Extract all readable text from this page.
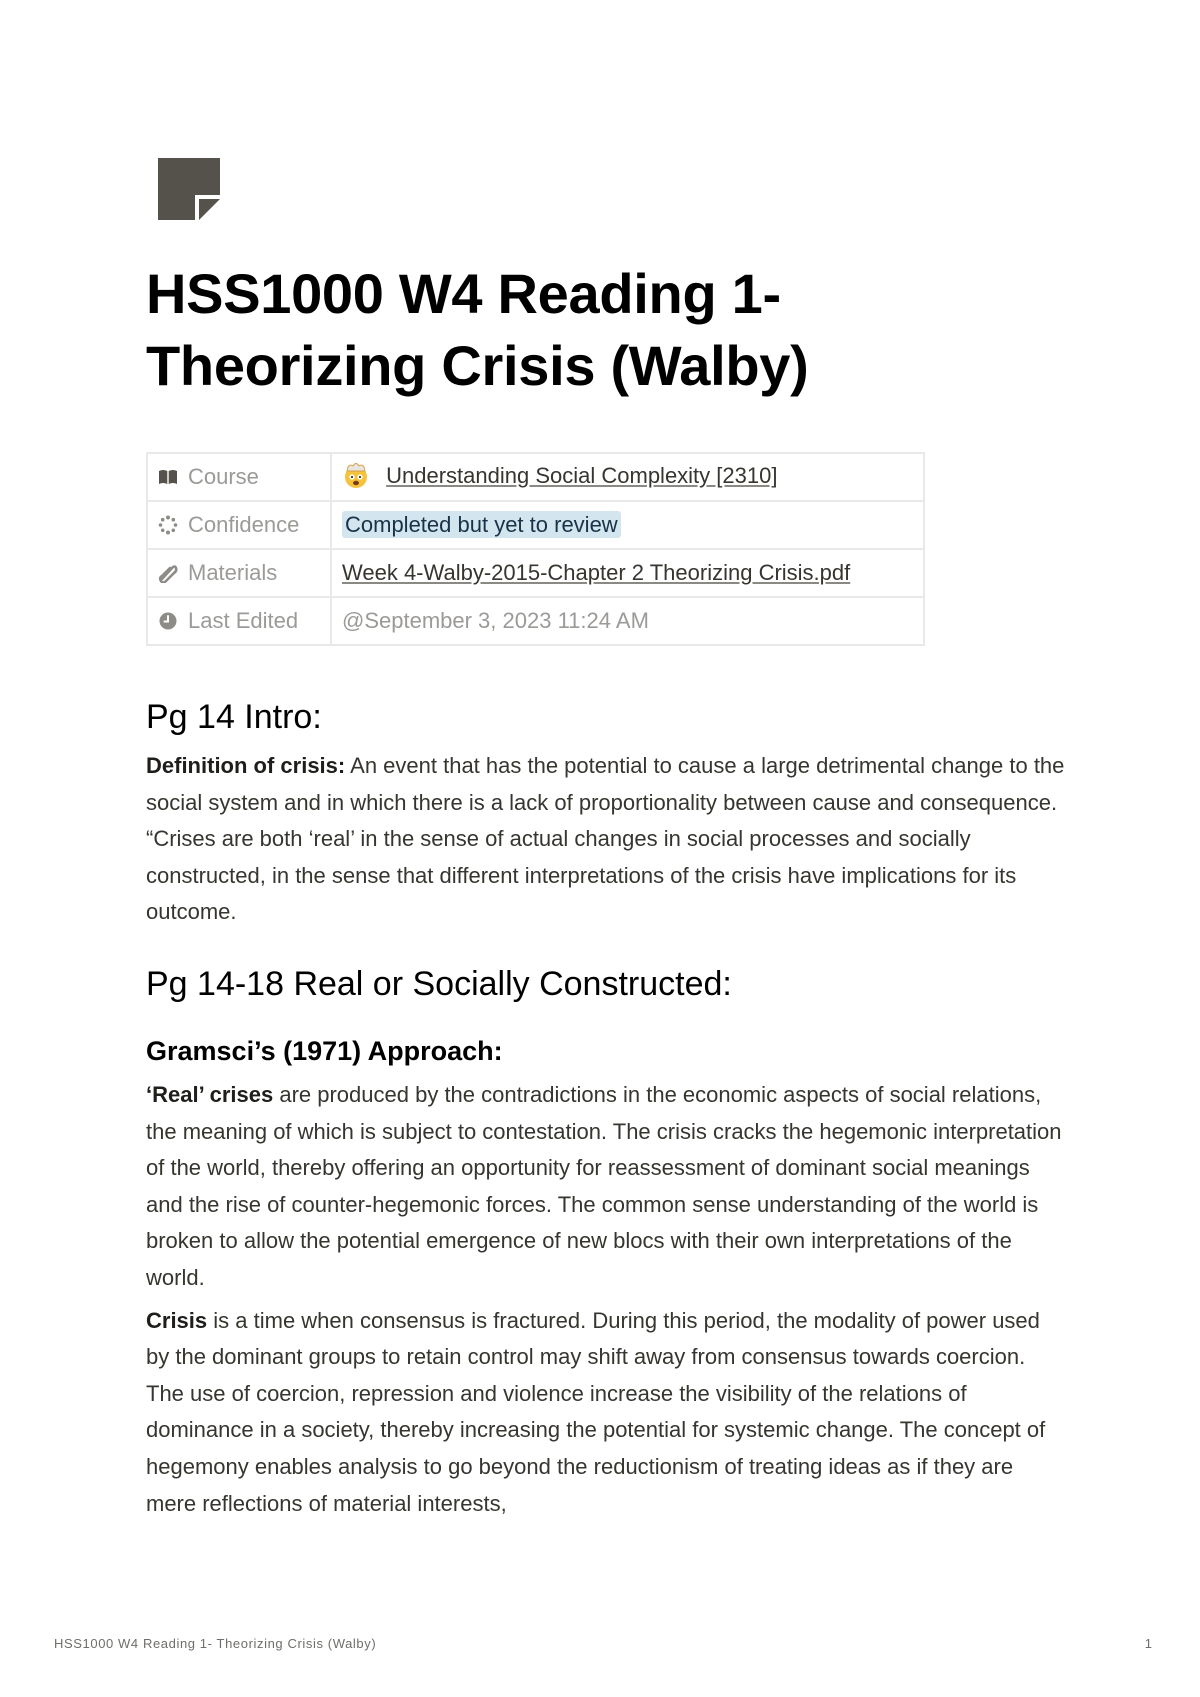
HSS1000 W4 Reading 1-
Theorizing Crisis (Walby)
Course	Understanding Social Complexity [2310]

Confidence	Completed but yet to review

Materials	Week 4-Walby-2015-Chapter 2 Theorizing Crisis.pdf

Last Edited	@September 3, 2023 11:24 AM
Pg 14 Intro:

Definition of crisis: An event that has the potential to cause a large detrimental change to the social system and in which there is a lack of proportionality between cause and consequence. “Crises are both ‘real’ in the sense of actual changes in social processes and socially constructed, in the sense that different interpretations of the crisis have implications for its outcome.

Pg 14-18 Real or Socially Constructed:
Gramsci’s (1971) Approach:

‘Real’ crises are produced by the contradictions in the economic aspects of social relations, the meaning of which is subject to contestation. The crisis cracks the hegemonic interpretation of the world, thereby offering an opportunity for reassessment of dominant social meanings and the rise of counter-hegemonic forces. The common sense understanding of the world is broken to allow the potential emergence of new blocs with their own interpretations of the world.

Crisis is a time when consensus is fractured. During this period, the modality of power used by the dominant groups to retain control may shift away from consensus towards coercion. The use of coercion, repression and violence increase the visibility of the relations of dominance in a society, thereby increasing the potential for systemic change. The concept of hegemony enables analysis to go beyond the reductionism of treating ideas as if they are mere reflections of material interests,

HSS1000 W4 Reading 1- Theorizing Crisis (Walby)	1
